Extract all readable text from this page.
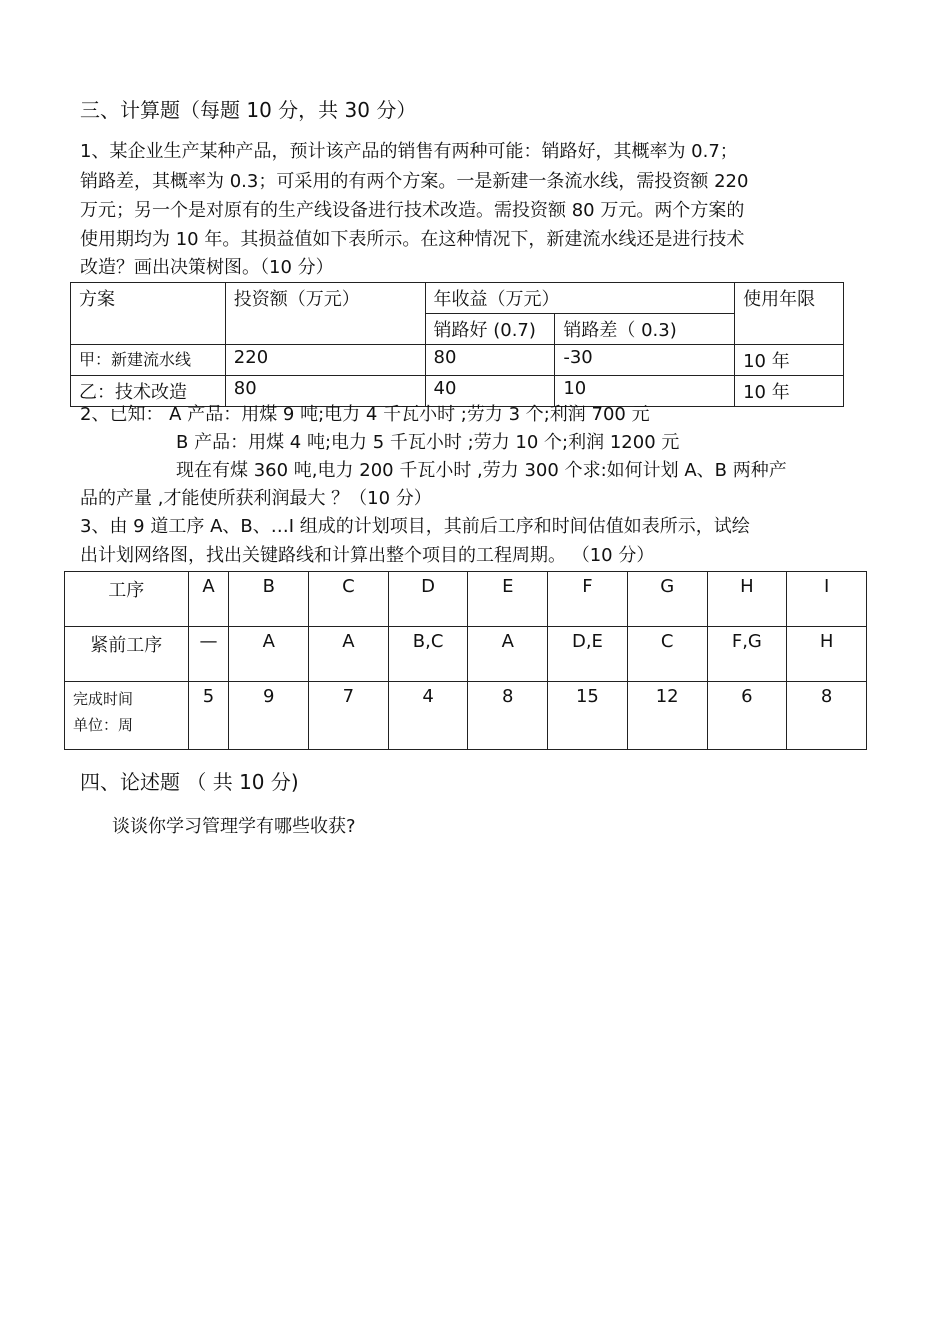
三、计算题（每题 10 分，共 30 分）
1、某企业生产某种产品，预计该产品的销售有两种可能：销路好，其概率为 0.7；
销路差，其概率为 0.3；可采用的有两个方案。一是新建一条流水线，需投资额 220
万元；另一个是对原有的生产线设备进行技术改造。需投资额 80 万元。两个方案的
使用期均为 10 年。其损益值如下表所示。在这种情况下，新建流水线还是进行技术
改造？画出决策树图。（10 分）
方案	投资额（万元）	年收益（万元）		使用年限
		销路好 (0.7)	销路差（ 0.3)	
甲：新建流水线	220	80	-30	10 年
乙：技术改造	80	40	10	10 年
2、已知： A 产品：用煤 9 吨;电力 4 千瓦小时 ;劳力 3 个;利润 700 元
B 产品：用煤 4 吨;电力 5 千瓦小时 ;劳力 10 个;利润 1200 元
现在有煤 360 吨,电力 200 千瓦小时 ,劳力 300 个求:如何计划 A、B 两种产
品的产量 ,才能使所获利润最大 ？（10 分）
3、由 9 道工序 A、B、…I 组成的计划项目，其前后工序和时间估值如表所示，试绘
出计划网络图，找出关键路线和计算出整个项目的工程周期。 （10 分）
工序	A	B	C	D	E	F	G	H	I
紧前工序	—	A	A	B,C	A	D,E	C	F,G	H

完成时间
单位：周	5	9	7	4	8	15	12	6	8
四、论述题 （ 共 10 分)
谈谈你学习管理学有哪些收获?
